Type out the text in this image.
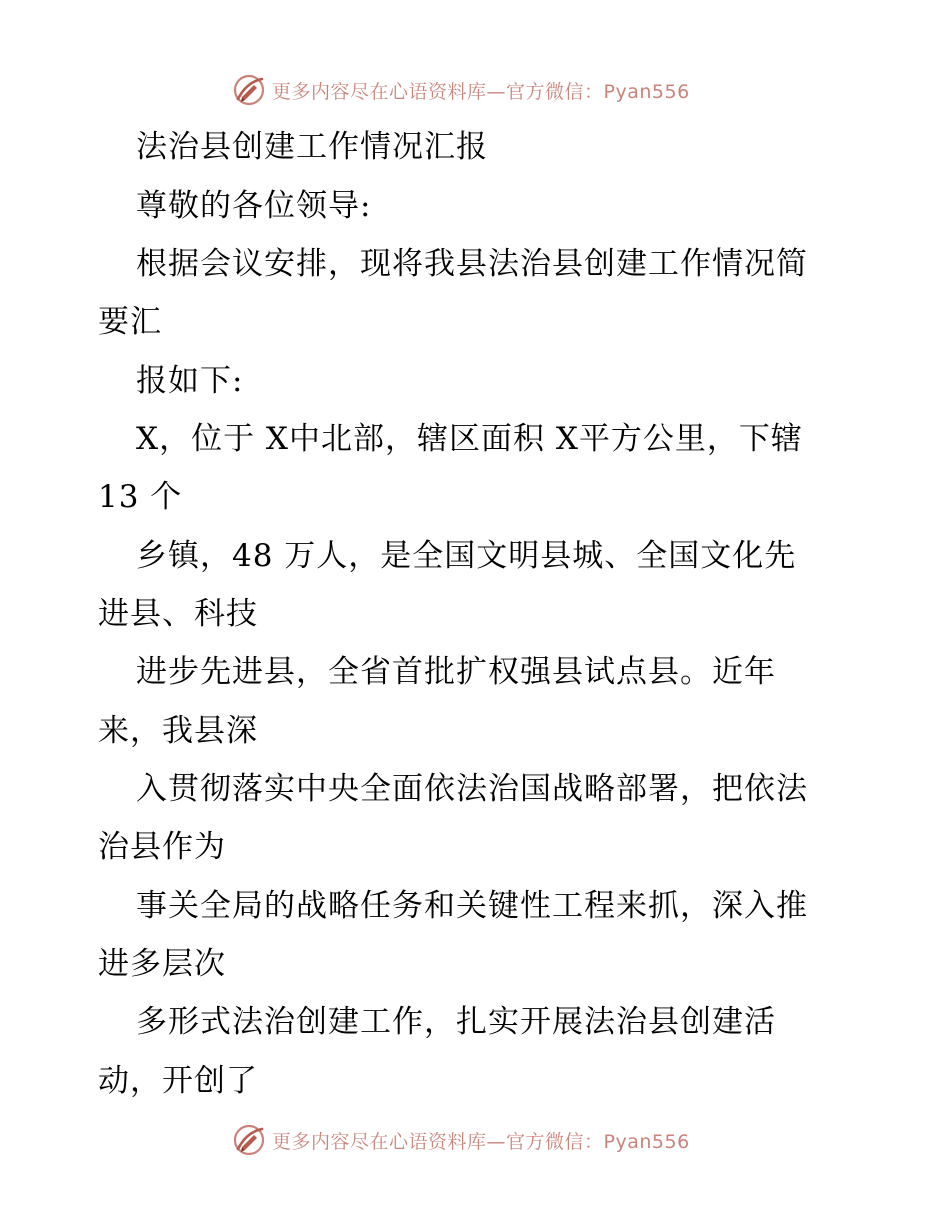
更多内容尽在心语资料库—官方微信：Pyan556
法治县创建工作情况汇报
尊敬的各位领导:
根据会议安排，现将我县法治县创建工作情况简
要汇
报如下:
X，位于 X中北部，辖区面积 X平方公里，下辖
13 个
乡镇，48 万人，是全国文明县城、全国文化先
进县、科技
进步先进县，全省首批扩权强县试点县。近年
来，我县深
入贯彻落实中央全面依法治国战略部署，把依法
治县作为
事关全局的战略任务和关键性工程来抓，深入推
进多层次
多形式法治创建工作，扎实开展法治县创建活
动，开创了
更多内容尽在心语资料库—官方微信：Pyan556
